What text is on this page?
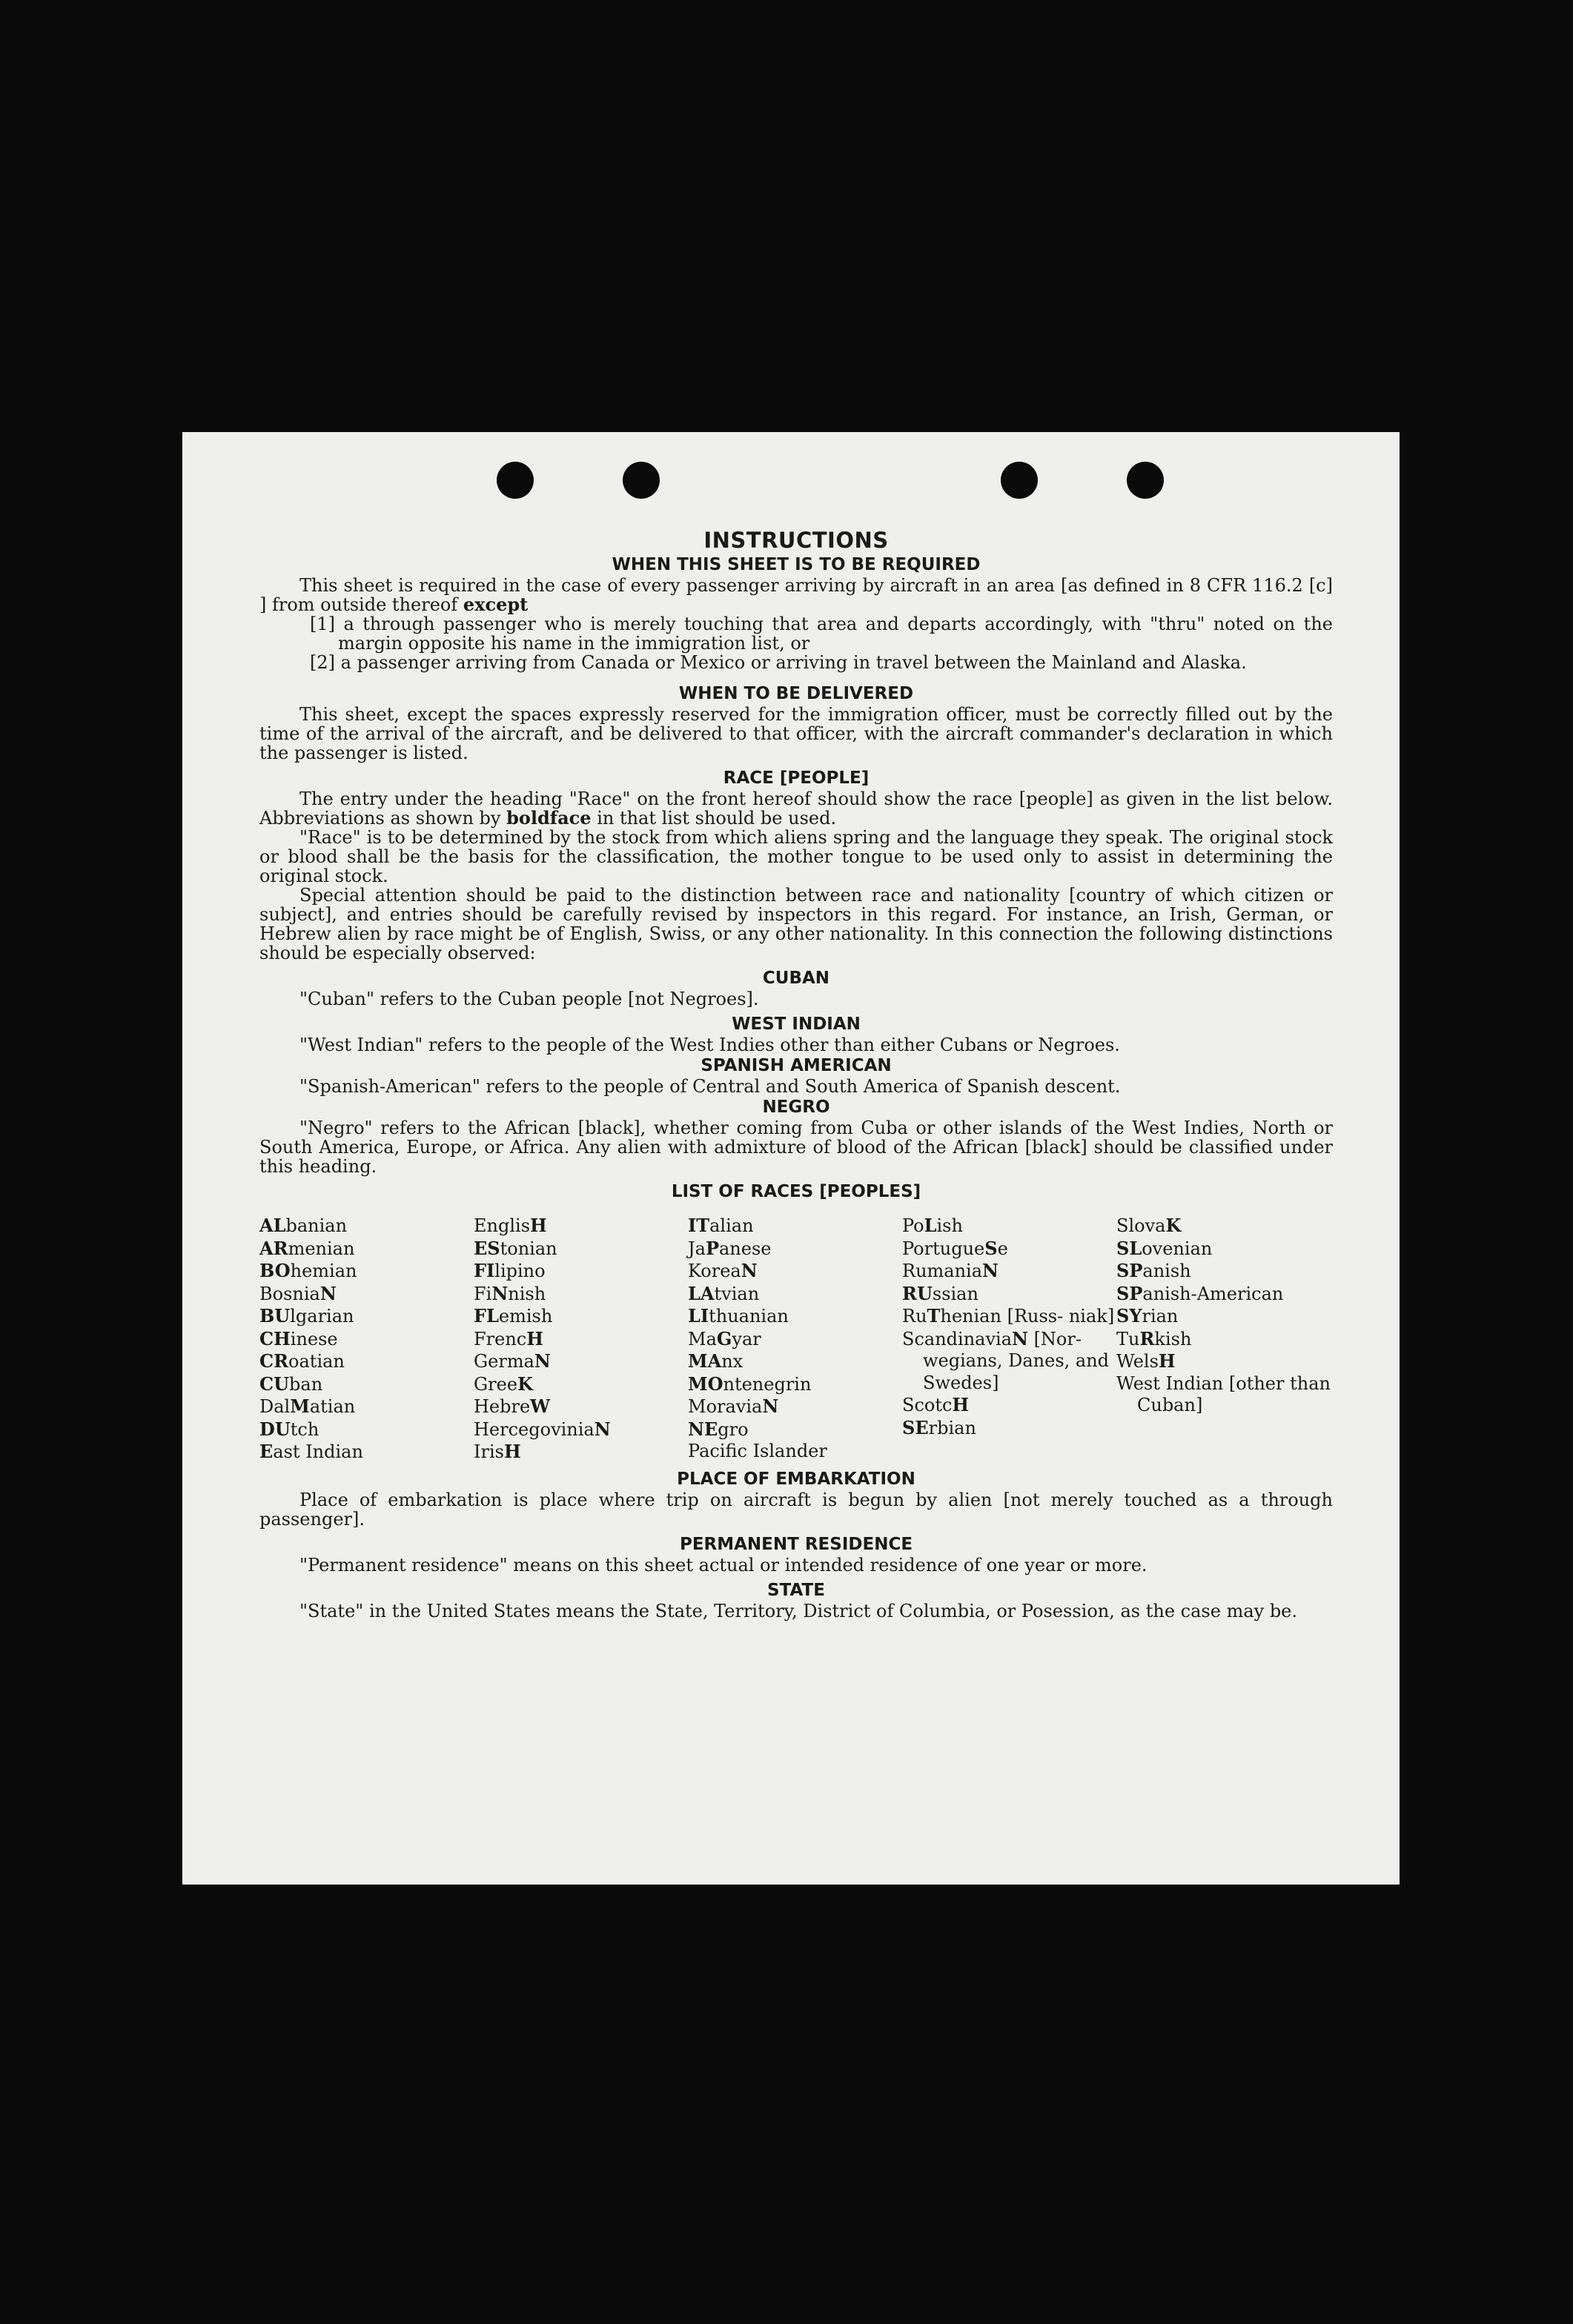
INSTRUCTIONS
WHEN THIS SHEET IS TO BE REQUIRED

This sheet is required in the case of every passenger arriving by aircraft in an area [as defined in 8 CFR 116.2 [c] ] from outside thereof except

[1] a through passenger who is merely touching that area and departs accordingly, with "thru" noted on the margin opposite his name in the immigration list, or
[2] a passenger arriving from Canada or Mexico or arriving in travel between the Mainland and Alaska.
WHEN TO BE DELIVERED

This sheet, except the spaces expressly reserved for the immigration officer, must be correctly filled out by the time of the arrival of the aircraft, and be delivered to that officer, with the aircraft commander's declaration in which the passenger is listed.

RACE [PEOPLE]

The entry under the heading "Race" on the front hereof should show the race [people] as given in the list below. Abbreviations as shown by boldface in that list should be used.

"Race" is to be determined by the stock from which aliens spring and the language they speak. The original stock or blood shall be the basis for the classification, the mother tongue to be used only to assist in determining the original stock.

Special attention should be paid to the distinction between race and nationality [country of which citizen or subject], and entries should be carefully revised by inspectors in this regard. For instance, an Irish, German, or Hebrew alien by race might be of English, Swiss, or any other nationality. In this connection the following distinctions should be especially observed:

CUBAN

"Cuban" refers to the Cuban people [not Negroes].

WEST INDIAN

"West Indian" refers to the people of the West Indies other than either Cubans or Negroes.

SPANISH AMERICAN

"Spanish-American" refers to the people of Central and South America of Spanish descent.

NEGRO

"Negro" refers to the African [black], whether coming from Cuba or other islands of the West Indies, North or South America, Europe, or Africa. Any alien with admixture of blood of the African [black] should be classified under this heading.

LIST OF RACES [PEOPLES]
ALbanian
ARmenian
BOhemian
BosniaN
BUlgarian
CHinese
CRoatian
CUban
DalMatian
DUtch
East Indian
EnglisH
EStonian
FIlipino
FiNnish
FLemish
FrencH
GermaN
GreeK
HebreW
HercegoviniaN
IrisH
ITalian
JaPanese
KoreaN
LAtvian
LIthuanian
MaGyar
MAnx
MOntenegrin
MoraviaN
NEgro
Pacific Islander
PoLish
PortugueSe
RumaniaN
RUssian
RuThenian [Russ- niak]
ScandinaviaN [Nor- wegians, Danes, and Swedes]
ScotcH
SErbian
SlovaK
SLovenian
SPanish
SPanish-American
SYrian
TuRkish
WelsH
West Indian [other than Cuban]
PLACE OF EMBARKATION

Place of embarkation is place where trip on aircraft is begun by alien [not merely touched as a through passenger].

PERMANENT RESIDENCE

"Permanent residence" means on this sheet actual or intended residence of one year or more.

STATE

"State" in the United States means the State, Territory, District of Columbia, or Posession, as the case may be.
